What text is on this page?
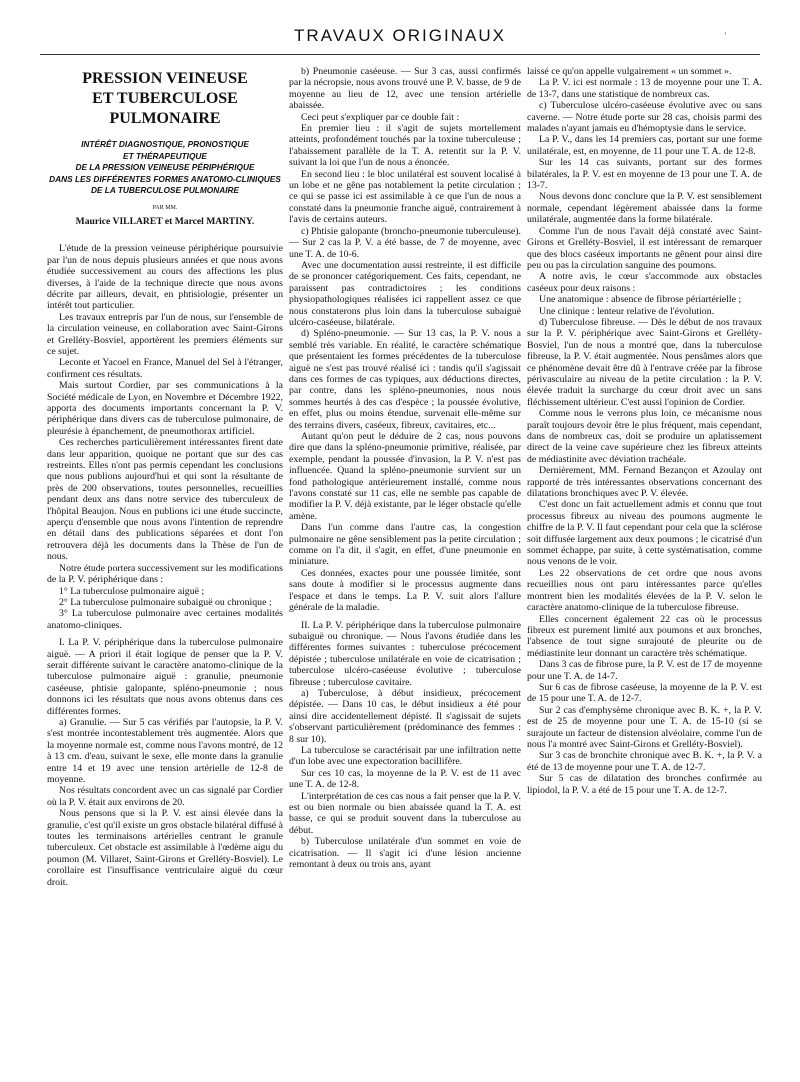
TRAVAUX ORIGINAUX	'
PRESSION VEINEUSE
ET TUBERCULOSE PULMONAIRE
INTÉRÊT DIAGNOSTIQUE, PRONOSTIQUE
ET THÉRAPEUTIQUE
DE LA PRESSION VEINEUSE PÉRIPHÉRIQUE
DANS LES DIFFÉRENTES FORMES ANATOMO-CLINIQUES
DE LA TUBERCULOSE PULMONAIRE
PAR MM.
Maurice VILLARET et Marcel MARTINY.

L'étude de la pression veineuse périphérique poursuivie par l'un de nous depuis plusieurs années et que nous avons étudiée successivement au cours des affections les plus diverses, à l'aide de la technique directe que nous avons décrite par ailleurs, devait, en phtisiologie, présenter un intérêt tout particulier.

Les travaux entrepris par l'un de nous, sur l'ensemble de la circulation veineuse, en collaboration avec Saint-Girons et Grelléty-Bosviel, apportèrent les premiers éléments sur ce sujet.

Leconte et Yacoel en France, Manuel del Sel à l'étranger, confirment ces résultats.

Mais surtout Cordier, par ses communications à la Société médicale de Lyon, en Novembre et Décembre 1922, apporta des documents importants concernant la P. V. périphérique dans divers cas de tuberculose pulmonaire, de pleurésie à épanchement, de pneumothorax artificiel.

Ces recherches particulièrement intéressantes firent date dans leur apparition, quoique ne portant que sur des cas restreints. Elles n'ont pas permis cependant les conclusions que nous publions aujourd'hui et qui sont la résultante de près de 200 observations, toutes personnelles, recueillies pendant deux ans dans notre service des tuberculeux de l'hôpital Beaujon. Nous en publions ici une étude succincte, aperçu d'ensemble que nous avons l'intention de reprendre en détail dans des publications séparées et dont l'on retrouvera déjà les documents dans la Thèse de l'un de nous.

Notre étude portera successivement sur les modifications de la P. V. périphérique dans :

1° La tuberculose pulmonaire aiguë ;

2° La tuberculose pulmonaire subaiguë ou chronique ;

3° La tuberculose pulmonaire avec certaines modalités anatomo-cliniques.

I. La P. V. périphérique dans la tuberculose pulmonaire aiguë. — A priori il était logique de penser que la P. V. serait différente suivant le caractère anatomo-clinique de la tuberculose pulmonaire aiguë : granulie, pneumonie caséeuse, phtisie galopante, spléno-pneumonie ; nous donnons ici les résultats que nous avons obtenus dans ces différentes formes.

a) Granulie. — Sur 5 cas vérifiés par l'autopsie, la P. V. s'est montrée incontestablement très augmentée. Alors que la moyenne normale est, comme nous l'avons montré, de 12 à 13 cm. d'eau, suivant le sexe, elle monte dans la granulie entre 14 et 19 avec une tension artérielle de 12-8 de moyenne.

Nos résultats concordent avec un cas signalé par Cordier où la P. V. était aux environs de 20.

Nous pensons que si la P. V. est ainsi élevée dans la granulie, c'est qu'il existe un gros obstacle bilatéral diffusé à toutes les terminaisons artérielles centrant le granule tuberculeux. Cet obstacle est assimilable à l'œdème aigu du poumon (M. Villaret, Saint-Girons et Grelléty-Bosviel). Le corollaire est l'insuffisance ventriculaire aiguë du cœur droit.

b) Pneumonie caséeuse. — Sur 3 cas, aussi confirmés par la nécropsie, nous avons trouvé une P. V. basse, de 9 de moyenne au lieu de 12, avec une tension artérielle abaissée.

Ceci peut s'expliquer par ce double fait :

En premier lieu : il s'agit de sujets mortellement atteints, profondément touchés par la toxine tuberculeuse ; l'abaissement parallèle de la T. A. retentit sur la P. V. suivant la loi que l'un de nous a énoncée.

En second lieu : le bloc unilatéral est souvent localisé à un lobe et ne gêne pas notablement la petite circulation ; ce qui se passe ici est assimilable à ce que l'un de nous a constaté dans la pneumonie franche aiguë, contrairement à l'avis de certains auteurs.

c) Phtisie galopante (broncho-pneumonie tuberculeuse). — Sur 2 cas la P. V. a été basse, de 7 de moyenne, avec une T. A. de 10-6.

Avec une documentation aussi restreinte, il est difficile de se prononcer catégoriquement. Ces faits, cependant, ne paraissent pas contradictoires ; les conditions physiopathologiques réalisées ici rappellent assez ce que nous constaterons plus loin dans la tuberculose subaiguë ulcéro-caséeuse, bilatérale.

d) Spléno-pneumonie. — Sur 13 cas, la P. V. nous a semblé très variable. En réalité, le caractère schématique que présentaient les formes précédentes de la tuberculose aiguë ne s'est pas trouvé réalisé ici : tandis qu'il s'agissait dans ces formes de cas typiques, aux déductions directes, par contre, dans les spléno-pneumonies, nous nous sommes heurtés à des cas d'espèce ; la poussée évolutive, en effet, plus ou moins étendue, survenait elle-même sur des terrains divers, caséeux, fibreux, cavitaires, etc...

Autant qu'on peut le déduire de 2 cas, nous pouvons dire que dans la spléno-pneumonie primitive, réalisée, par exemple, pendant la poussée d'invasion, la P. V. n'est pas influencée. Quand la spléno-pneumonie survient sur un fond pathologique antérieurement installé, comme nous l'avons constaté sur 11 cas, elle ne semble pas capable de modifier la P. V. déjà existante, par le léger obstacle qu'elle amène.

Dans l'un comme dans l'autre cas, la congestion pulmonaire ne gêne sensiblement pas la petite circulation ; comme on l'a dit, il s'agit, en effet, d'une pneumonie en miniature.

Ces données, exactes pour une poussée limitée, sont sans doute à modifier si le processus augmente dans l'espace et dans le temps. La P. V. suit alors l'allure générale de la maladie.

II. La P. V. périphérique dans la tuberculose pulmonaire subaiguë ou chronique. — Nous l'avons étudiée dans les différentes formes suivantes : tuberculose précocement dépistée ; tuberculose unilatérale en voie de cicatrisation ; tuberculose ulcéro-caséeuse évolutive ; tuberculose fibreuse ; tuberculose cavitaire.

a) Tuberculose, à début insidieux, précocement dépistée. — Dans 10 cas, le début insidieux a été pour ainsi dire accidentellement dépisté. Il s'agissait de sujets s'observant particulièrement (prédominance des femmes : 8 sur 10).

La tuberculose se caractérisait par une infiltration nette d'un lobe avec une expectoration bacillifère.

Sur ces 10 cas, la moyenne de la P. V. est de 11 avec une T. A. de 12-8.

L'interprétation de ces cas nous a fait penser que la P. V. est ou bien normale ou bien abaissée quand la T. A. est basse, ce qui se produit souvent dans la tuberculose au début.

b) Tuberculose unilatérale d'un sommet en voie de cicatrisation. — Il s'agit ici d'une lésion ancienne remontant à deux ou trois ans, ayant

laissé ce qu'on appelle vulgairement « un sommet ».

La P. V. ici est normale : 13 de moyenne pour une T. A. de 13-7, dans une statistique de nombreux cas.

c) Tuberculose ulcéro-caséeuse évolutive avec ou sans caverne. — Notre étude porte sur 28 cas, choisis parmi des malades n'ayant jamais eu d'hémoptysie dans le service.

La P. V., dans les 14 premiers cas, portant sur une forme unilatérale, est, en moyenne, de 11 pour une T. A. de 12-8.

Sur les 14 cas suivants, portant sur des formes bilatérales, la P. V. est en moyenne de 13 pour une T. A. de 13-7.

Nous devons donc conclure que la P. V. est sensiblement normale, cependant légèrement abaissée dans la forme unilatérale, augmentée dans la forme bilatérale.

Comme l'un de nous l'avait déjà constaté avec Saint-Girons et Grelléty-Bosviel, il est intéressant de remarquer que des blocs caséeux importants ne gênent pour ainsi dire peu ou pas la circulation sanguine des poumons.

A notre avis, le cœur s'accommode aux obstacles caséeux pour deux raisons :

Une anatomique : absence de fibrose périartérielle ;

Une clinique : lenteur relative de l'évolution.

d) Tuberculose fibreuse. — Dès le début de nos travaux sur la P. V. périphérique avec Saint-Girons et Grelléty-Bosviel, l'un de nous a montré que, dans la tuberculose fibreuse, la P. V. était augmentée. Nous pensâmes alors que ce phénomène devait être dû à l'entrave créée par la fibrose périvasculaire au niveau de la petite circulation : la P. V. élevée traduit la surcharge du cœur droit avec un sans fléchissement ultérieur. C'est aussi l'opinion de Cordier.

Comme nous le verrons plus loin, ce mécanisme nous paraît toujours devoir être le plus fréquent, mais cependant, dans de nombreux cas, doit se produire un aplatissement direct de la veine cave supérieure chez les fibreux atteints de médiastinite avec déviation trachéale.

Dernièrement, MM. Fernand Bezançon et Azoulay ont rapporté de très intéressantes observations concernant des dilatations bronchiques avec P. V. élevée.

C'est donc un fait actuellement admis et connu que tout processus fibreux au niveau des poumons augmente le chiffre de la P. V. Il faut cependant pour cela que la sclérose soit diffusée largement aux deux poumons ; le cicatrisé d'un sommet échappe, par suite, à cette systématisation, comme nous venons de le voir.

Les 22 observations de cet ordre que nous avons recueillies nous ont paru intéressantes parce qu'elles montrent bien les modalités élevées de la P. V. selon le caractère anatomo-clinique de la tuberculose fibreuse.

Elles concernent également 22 cas où le processus fibreux est purement limité aux poumons et aux bronches, l'absence de tout signe surajouté de pleurite ou de médiastinite leur donnant un caractère très schématique.

Dans 3 cas de fibrose pure, la P. V. est de 17 de moyenne pour une T. A. de 14-7.

Sur 6 cas de fibrose caséeuse, la moyenne de la P. V. est de 15 pour une T. A. de 12-7.

Sur 2 cas d'emphysème chronique avec B. K. +, la P. V. est de 25 de moyenne pour une T. A. de 15-10 (si se surajoute un facteur de distension alvéolaire, comme l'un de nous l'a montré avec Saint-Girons et Grelléty-Bosviel).

Sur 3 cas de bronchite chronique avec B. K. +, la P. V. a été de 13 de moyenne pour une T. A. de 12-7.

Sur 5 cas de dilatation des bronches confirmée au lipiodol, la P. V. a été de 15 pour une T. A. de 12-7.
